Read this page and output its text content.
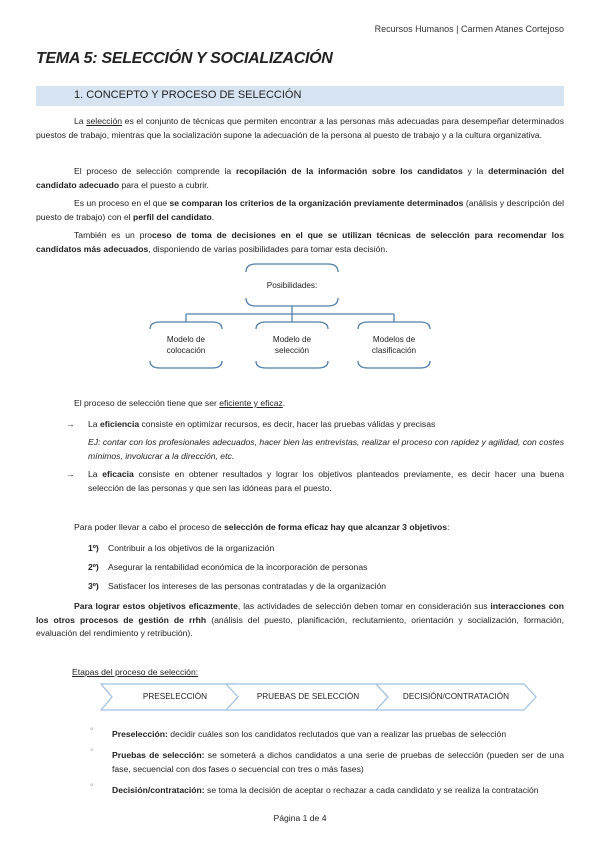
Recursos Humanos | Carmen Atanes Cortejoso
TEMA 5: SELECCIÓN Y SOCIALIZACIÓN
1. CONCEPTO Y PROCESO DE SELECCIÓN
La selección es el conjunto de técnicas que permiten encontrar a las personas más adecuadas para desempeñar determinados puestos de trabajo, mientras que la socialización supone la adecuación de la persona al puesto de trabajo y a la cultura organizativa.
El proceso de selección comprende la recopilación de la información sobre los candidatos y la determinación del candidato adecuado para el puesto a cubrir.
Es un proceso en el que se comparan los criterios de la organización previamente determinados (análisis y descripción del puesto de trabajo) con el perfil del candidato.
También es un proceso de toma de decisiones en el que se utilizan técnicas de selección para recomendar los candidatos más adecuados, disponiendo de varias posibilidades para tomar esta decisión.
Posibilidades:
Modelo de colocación
Modelo de selección
Modelos de clasificación
El proceso de selección tiene que ser eficiente y eficaz.
→ La eficiencia consiste en optimizar recursos, es decir, hacer las pruebas válidas y precisas
EJ: contar con los profesionales adecuados, hacer bien las entrevistas, realizar el proceso con rapidez y agilidad, con costes mínimos, involucrar a la dirección, etc.
→ La eficacia consiste en obtener resultados y lograr los objetivos planteados previamente, es decir hacer una buena selección de las personas y que sen las idóneas para el puesto.
Para poder llevar a cabo el proceso de selección de forma eficaz hay que alcanzar 3 objetivos:
1º) Contribuir a los objetivos de la organización
2º) Asegurar la rentabilidad económica de la incorporación de personas
3º) Satisfacer los intereses de las personas contratadas y de la organización
Para lograr estos objetivos eficazmente, las actividades de selección deben tomar en consideración sus interacciones con los otros procesos de gestión de rrhh (análisis del puesto, planificación, reclutamiento, orientación y socialización, formación, evaluación del rendimiento y retribución).
Etapas del proceso de selección:
PRESELECCIÓN	PRUEBAS DE SELECCIÓN	DECISIÓN/CONTRATACIÓN
° Preselección: decidir cuáles son los candidatos reclutados que van a realizar las pruebas de selección
° Pruebas de selección: se someterá a dichos candidatos a una serie de pruebas de selección (pueden ser de una fase, secuencial con dos fases o secuencial con tres o más fases)
° Decisión/contratación: se toma la decisión de aceptar o rechazar a cada candidato y se realiza la contratación
Página 1 de 4
